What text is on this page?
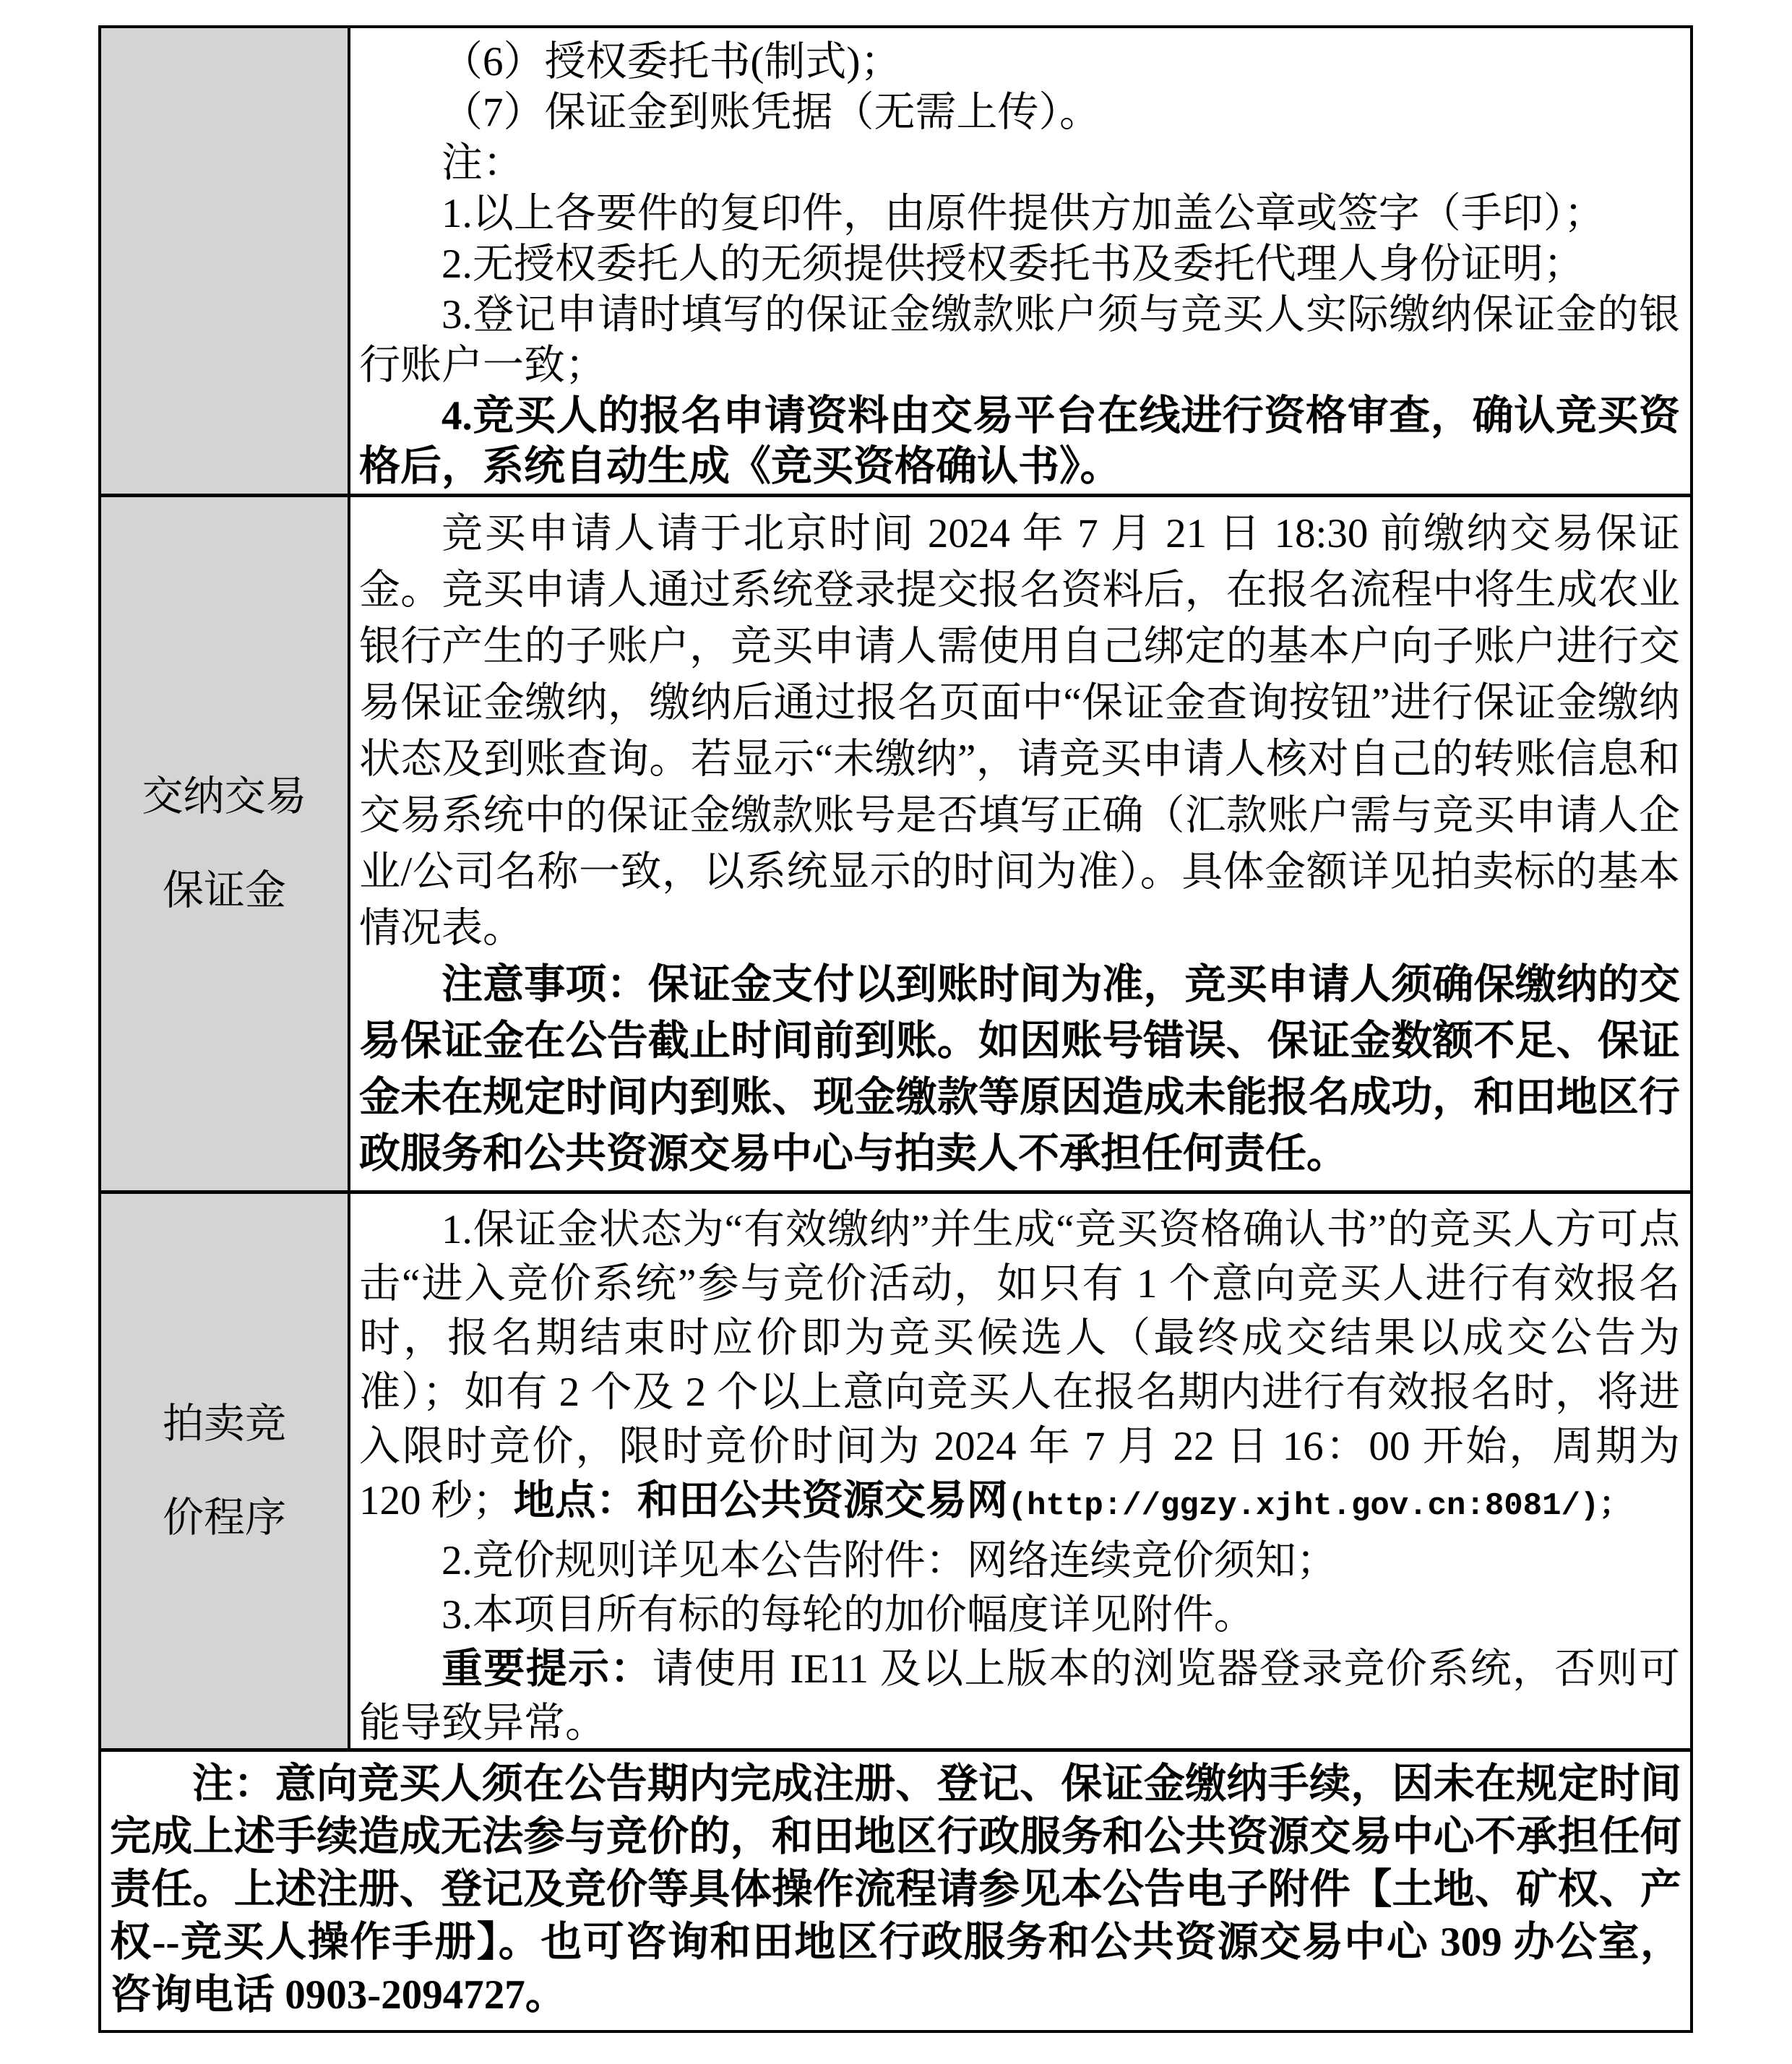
（6）授权委托书(制式)；

（7）保证金到账凭据（无需上传）。

注：

1.以上各要件的复印件，由原件提供方加盖公章或签字（手印）；

2.无授权委托人的无须提供授权委托书及委托代理人身份证明；

3.登记申请时填写的保证金缴款账户须与竞买人实际缴纳保证金的银行账户一致；

4.竞买人的报名申请资料由交易平台在线进行资格审查，确认竞买资格后，系统自动生成《竞买资格确认书》。

交纳交易
保证金

竞买申请人请于北京时间 2024 年 7 月 21 日 18:30 前缴纳交易保证金。竞买申请人通过系统登录提交报名资料后，在报名流程中将生成农业银行产生的子账户，竞买申请人需使用自己绑定的基本户向子账户进行交易保证金缴纳，缴纳后通过报名页面中“保证金查询按钮”进行保证金缴纳状态及到账查询。若显示“未缴纳”，请竞买申请人核对自己的转账信息和交易系统中的保证金缴款账号是否填写正确（汇款账户需与竞买申请人企业/公司名称一致，以系统显示的时间为准）。具体金额详见拍卖标的基本情况表。

注意事项：保证金支付以到账时间为准，竞买申请人须确保缴纳的交易保证金在公告截止时间前到账。如因账号错误、保证金数额不足、保证金未在规定时间内到账、现金缴款等原因造成未能报名成功，和田地区行政服务和公共资源交易中心与拍卖人不承担任何责任。

拍卖竞
价程序

1.保证金状态为“有效缴纳”并生成“竞买资格确认书”的竞买人方可点击“进入竞价系统”参与竞价活动，如只有 1 个意向竞买人进行有效报名时，报名期结束时应价即为竞买候选人（最终成交结果以成交公告为准）；如有 2 个及 2 个以上意向竞买人在报名期内进行有效报名时，将进入限时竞价，限时竞价时间为 2024 年 7 月 22 日 16：00 开始，周期为 120 秒；地点：和田公共资源交易网(http://ggzy.xjht.gov.cn:8081/)；

2.竞价规则详见本公告附件：网络连续竞价须知；

3.本项目所有标的每轮的加价幅度详见附件。

重要提示：请使用 IE11 及以上版本的浏览器登录竞价系统，否则可能导致异常。

注：意向竞买人须在公告期内完成注册、登记、保证金缴纳手续，因未在规定时间完成上述手续造成无法参与竞价的，和田地区行政服务和公共资源交易中心不承担任何责任。上述注册、登记及竞价等具体操作流程请参见本公告电子附件【土地、矿权、产权--竞买人操作手册】。也可咨询和田地区行政服务和公共资源交易中心 309 办公室，咨询电话 0903-2094727。
